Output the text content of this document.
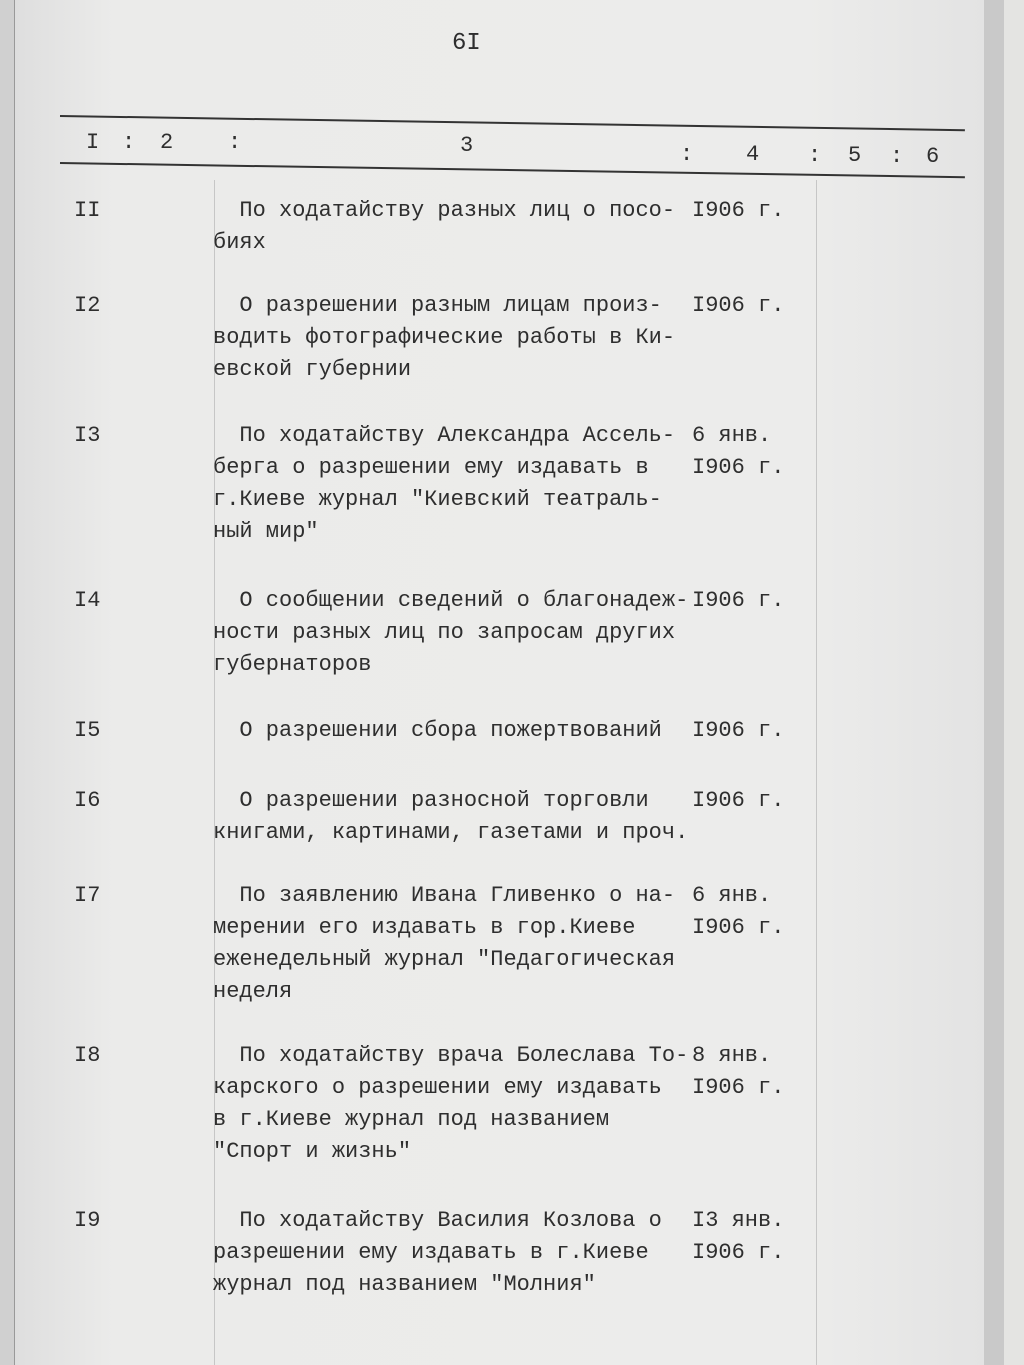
6I
I : 2 :	3	: 4 : 5 : 6
II	По ходатайству разных лиц о посо-
биях
I906 г.
I2	О разрешении разным лицам произ-
водить фотографические работы в Ки-
евской губернии
I906 г.
I3	По ходатайству Александра Ассель-
берга о разрешении ему издавать в
г.Киеве журнал "Киевский театраль-
ный мир"
6 янв.
I906 г.
I4	О сообщении сведений о благонадеж-
ности разных лиц по запросам других
губернаторов
I906 г.
I5	О разрешении сбора пожертвований	I906 г.
I6	О разрешении разносной торговли
книгами, картинами, газетами и проч.
I906 г.
I7	По заявлению Ивана Гливенко о на-
мерении его издавать в гор.Киеве
еженедельный журнал "Педагогическая
неделя
6 янв.
I906 г.
I8	По ходатайству врача Болеслава То-
карского о разрешении ему издавать
в г.Киеве журнал под названием
"Спорт и жизнь"
8 янв.
I906 г.
I9	По ходатайству Василия Козлова о
разрешении ему издавать в г.Киеве
журнал под названием "Молния"
I3 янв.
I906 г.
